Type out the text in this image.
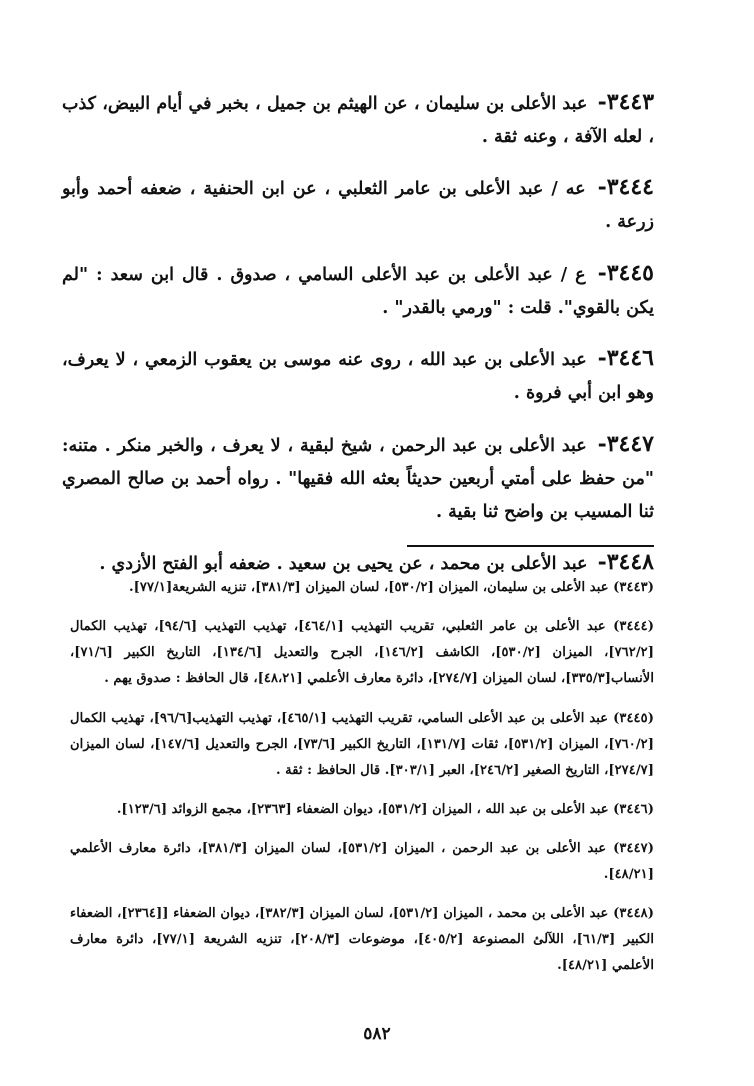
٣٤٤٣- عبد الأعلى بن سليمان ، عن الهيثم بن جميل ، بخبر في أيام البيض، كذب ، لعله الآفة ، وعنه ثقة .

٣٤٤٤- عه / عبد الأعلى بن عامر الثعلبي ، عن ابن الحنفية ، ضعفه أحمد وأبو زرعة .

٣٤٤٥- ع / عبد الأعلى بن عبد الأعلى السامي ، صدوق . قال ابن سعد : "لم يكن بالقوي". قلت : "ورمي بالقدر" .

٣٤٤٦- عبد الأعلى بن عبد الله ، روى عنه موسى بن يعقوب الزمعي ، لا يعرف، وهو ابن أبي فروة .

٣٤٤٧- عبد الأعلى بن عبد الرحمن ، شيخ لبقية ، لا يعرف ، والخبر منكر . متنه: "من حفظ على أمتي أربعين حديثاً بعثه الله فقيها" . رواه أحمد بن صالح المصري ثنا المسيب بن واضح ثنا بقية .

٣٤٤٨- عبد الأعلى بن محمد ، عن يحيى بن سعيد . ضعفه أبو الفتح الأزدي .

(٣٤٤٣) عبد الأعلى بن سليمان، الميزان [٥٣٠/٢]، لسان الميزان [٣٨١/٣]، تنزيه الشريعة[٧٧/١].

(٣٤٤٤) عبد الأعلى بن عامر الثعلبي، تقريب التهذيب [٤٦٤/١]، تهذيب التهذيب [٩٤/٦]، تهذيب الكمال [٧٦٢/٢]، الميزان [٥٣٠/٢]، الكاشف [١٤٦/٢]، الجرح والتعديل [١٣٤/٦]، التاريخ الكبير [٧١/٦]، الأنساب[٣٣٥/٣]، لسان الميزان [٢٧٤/٧]، دائرة معارف الأعلمي [٤٨،٢١]، قال الحافظ : صدوق يهم .

(٣٤٤٥) عبد الأعلى بن عبد الأعلى السامي، تقريب التهذيب [٤٦٥/١]، تهذيب التهذيب[٩٦/٦]، تهذيب الكمال [٧٦٠/٢]، الميزان [٥٣١/٢]، ثقات [١٣١/٧]، التاريخ الكبير [٧٣/٦]، الجرح والتعديل [١٤٧/٦]، لسان الميزان [٢٧٤/٧]، التاريخ الصغير [٢٤٦/٢]، العبر [٣٠٣/١]. قال الحافظ : ثقة .

(٣٤٤٦) عبد الأعلى بن عبد الله ، الميزان [٥٣١/٢]، ديوان الضعفاء [٢٣٦٣]، مجمع الزوائد [١٢٣/٦].

(٣٤٤٧) عبد الأعلى بن عبد الرحمن ، الميزان [٥٣١/٢]، لسان الميزان [٣٨١/٣]، دائرة معارف الأعلمي [٤٨/٢١].

(٣٤٤٨) عبد الأعلى بن محمد ، الميزان [٥٣١/٢]، لسان الميزان [٣٨٢/٣]، ديوان الضعفاء [[٢٣٦٤]، الضعفاء الكبير [٦١/٣]، اللآلئ المصنوعة [٤٠٥/٢]، موضوعات [٢٠٨/٣]، تنزيه الشريعة [٧٧/١]، دائرة معارف الأعلمي [٤٨/٢١].

٥٨٢
